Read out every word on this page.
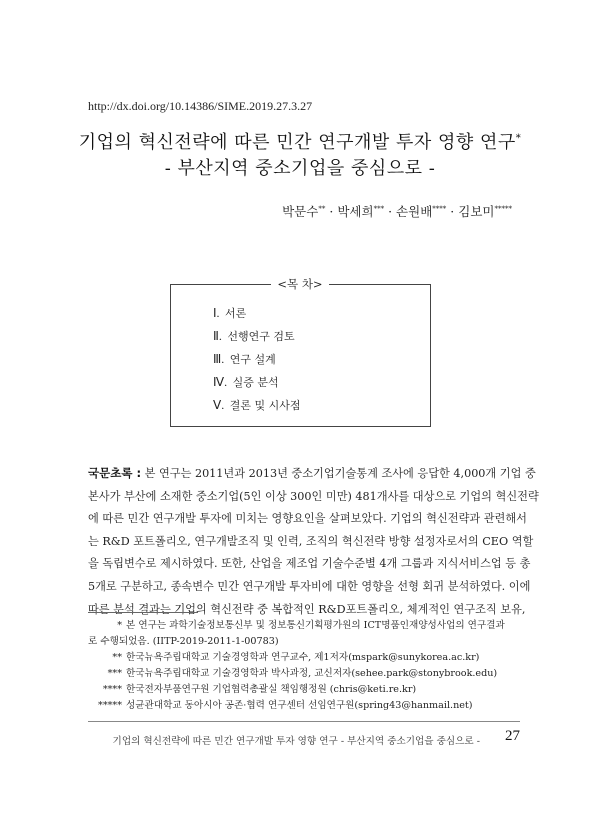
http://dx.doi.org/10.14386/SIME.2019.27.3.27
기업의 혁신전략에 따른 민간 연구개발 투자 영향 연구*
- 부산지역 중소기업을 중심으로 -
박문수** · 박세희*** · 손원배**** · 김보미*****
<목 차>
Ⅰ. 서론
Ⅱ. 선행연구 검토
Ⅲ. 연구 설계
Ⅳ. 실증 분석
Ⅴ. 결론 및 시사점
국문초록 : 본 연구는 2011년과 2013년 중소기업기술통계 조사에 응답한 4,000개 기업 중
본사가 부산에 소재한 중소기업(5인 이상 300인 미만) 481개사를 대상으로 기업의 혁신전략
에 따른 민간 연구개발 투자에 미치는 영향요인을 살펴보았다. 기업의 혁신전략과 관련해서
는 R&D 포트폴리오, 연구개발조직 및 인력, 조직의 혁신전략 방향 설정자로서의 CEO 역할
을 독립변수로 제시하였다. 또한, 산업을 제조업 기술수준별 4개 그룹과 지식서비스업 등 총
5개로 구분하고, 종속변수 민간 연구개발 투자비에 대한 영향을 선형 회귀 분석하였다. 이에
따른 분석 결과는 기업의 혁신전략 중 복합적인 R&D포트폴리오, 체계적인 연구조직 보유,
* 본 연구는 과학기술정보통신부 및 정보통신기획평가원의 ICT명품인재양성사업의 연구결과
로 수행되었음. (IITP-2019-2011-1-00783)
** 한국뉴욕주립대학교 기술경영학과 연구교수, 제1저자(mspark@sunykorea.ac.kr)
*** 한국뉴욕주립대학교 기술경영학과 박사과정, 교신저자(sehee.park@stonybrook.edu)
**** 한국전자부품연구원 기업협력총괄실 책임행정원 (chris@keti.re.kr)
***** 성균관대학교 동아시아 공존·협력 연구센터 선임연구원(spring43@hanmail.net)
기업의 혁신전략에 따른 민간 연구개발 투자 영향 연구 - 부산지역 중소기업을 중심으로 - 27
